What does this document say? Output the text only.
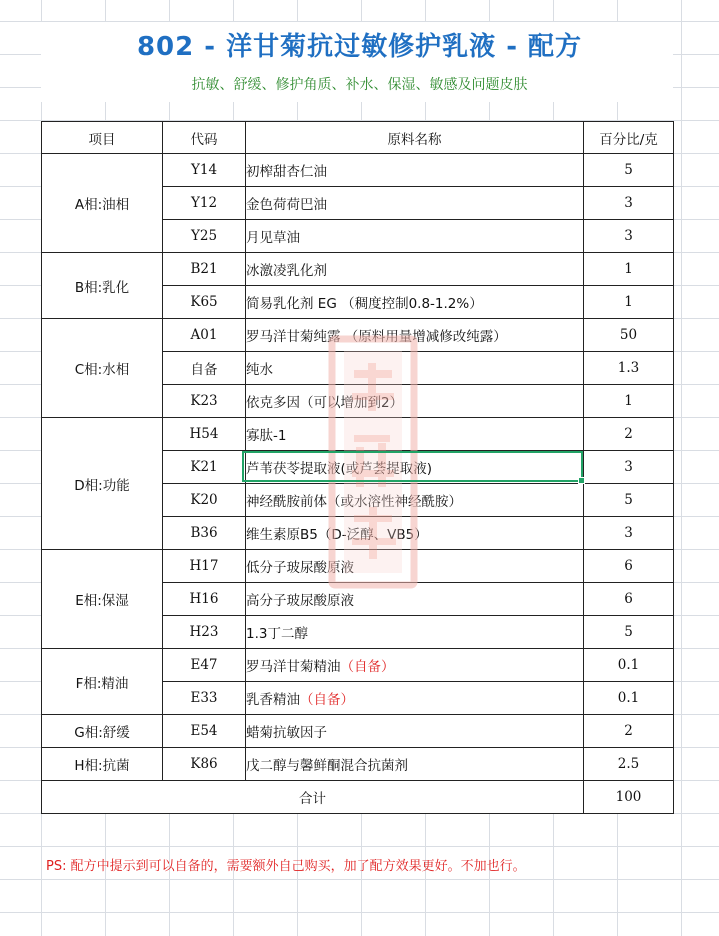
802 - 洋甘菊抗过敏修护乳液 - 配方
抗敏、舒缓、修护角质、补水、保湿、敏感及问题皮肤
项目	代码	原料名称	百分比/克
A相:油相	Y14	初榨甜杏仁油	5
	Y12	金色荷荷巴油	3
	Y25	月见草油	3
B相:乳化	B21	冰激凌乳化剂	1
	K65	简易乳化剂 EG （稠度控制0.8-1.2%）	1
C相:水相	A01	罗马洋甘菊纯露 （原料用量增减修改纯露）	50
	自备	纯水	1.3
	K23	依克多因（可以增加到2）	1
D相:功能	H54	寡肽-1	2
	K21	芦苇茯苓提取液(或芦荟提取液)	3
	K20	神经酰胺前体（或水溶性神经酰胺）	5
	B36	维生素原B5（D-泛醇、VB5）	3
E相:保湿	H17	低分子玻尿酸原液	6
	H16	高分子玻尿酸原液	6
	H23	1.3丁二醇	5
F相:精油	E47	罗马洋甘菊精油（自备）	0.1
	E33	乳香精油（自备）	0.1
G相:舒缓	E54	蜡菊抗敏因子	2
H相:抗菌	K86	戊二醇与馨鲜酮混合抗菌剂	2.5
合计			100
PS: 配方中提示到可以自备的，需要额外自己购买，加了配方效果更好。不加也行。
